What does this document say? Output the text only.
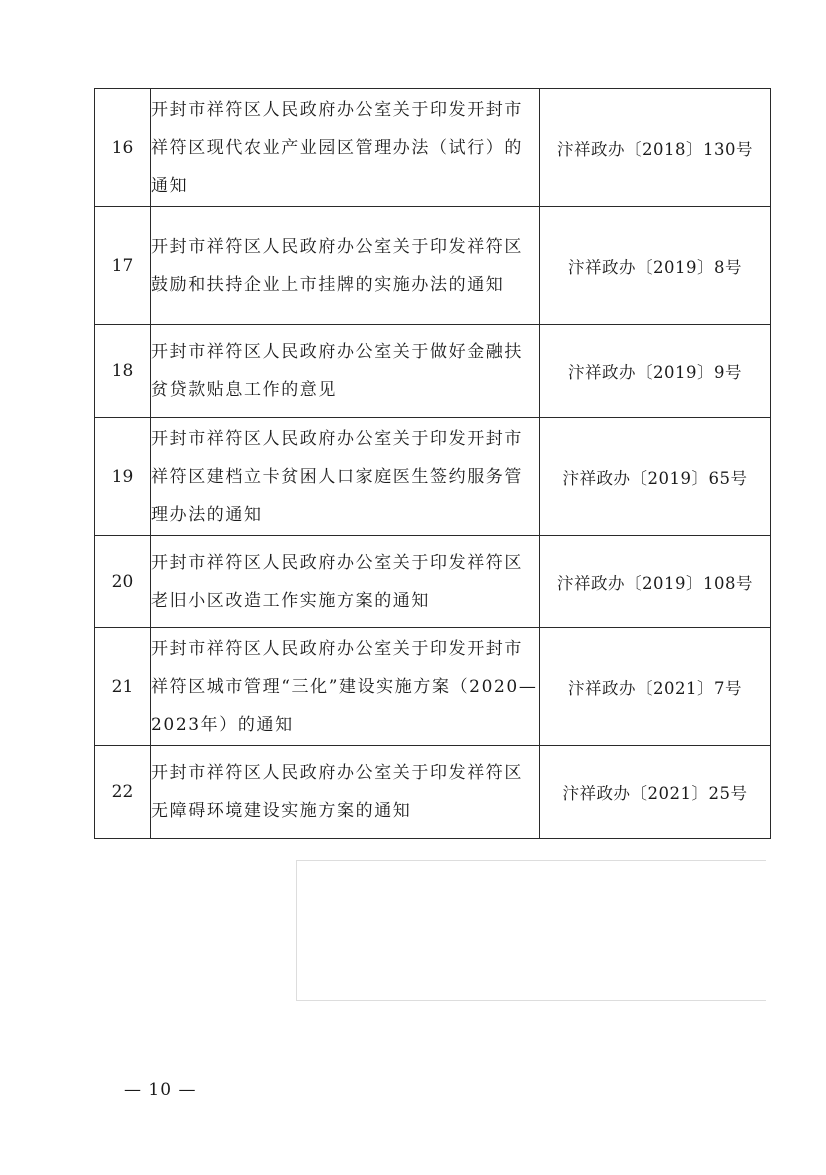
16	开封市祥符区人民政府办公室关于印发开封市祥符区现代农业产业园区管理办法（试行）的通知	汴祥政办〔2018〕130号
17	开封市祥符区人民政府办公室关于印发祥符区鼓励和扶持企业上市挂牌的实施办法的通知	汴祥政办〔2019〕8号
18	开封市祥符区人民政府办公室关于做好金融扶贫贷款贴息工作的意见	汴祥政办〔2019〕9号
19	开封市祥符区人民政府办公室关于印发开封市祥符区建档立卡贫困人口家庭医生签约服务管理办法的通知	汴祥政办〔2019〕65号
20	开封市祥符区人民政府办公室关于印发祥符区老旧小区改造工作实施方案的通知	汴祥政办〔2019〕108号
21	开封市祥符区人民政府办公室关于印发开封市祥符区城市管理“三化”建设实施方案（2020—2023年）的通知	汴祥政办〔2021〕7号
22	开封市祥符区人民政府办公室关于印发祥符区无障碍环境建设实施方案的通知	汴祥政办〔2021〕25号
— 10 —
